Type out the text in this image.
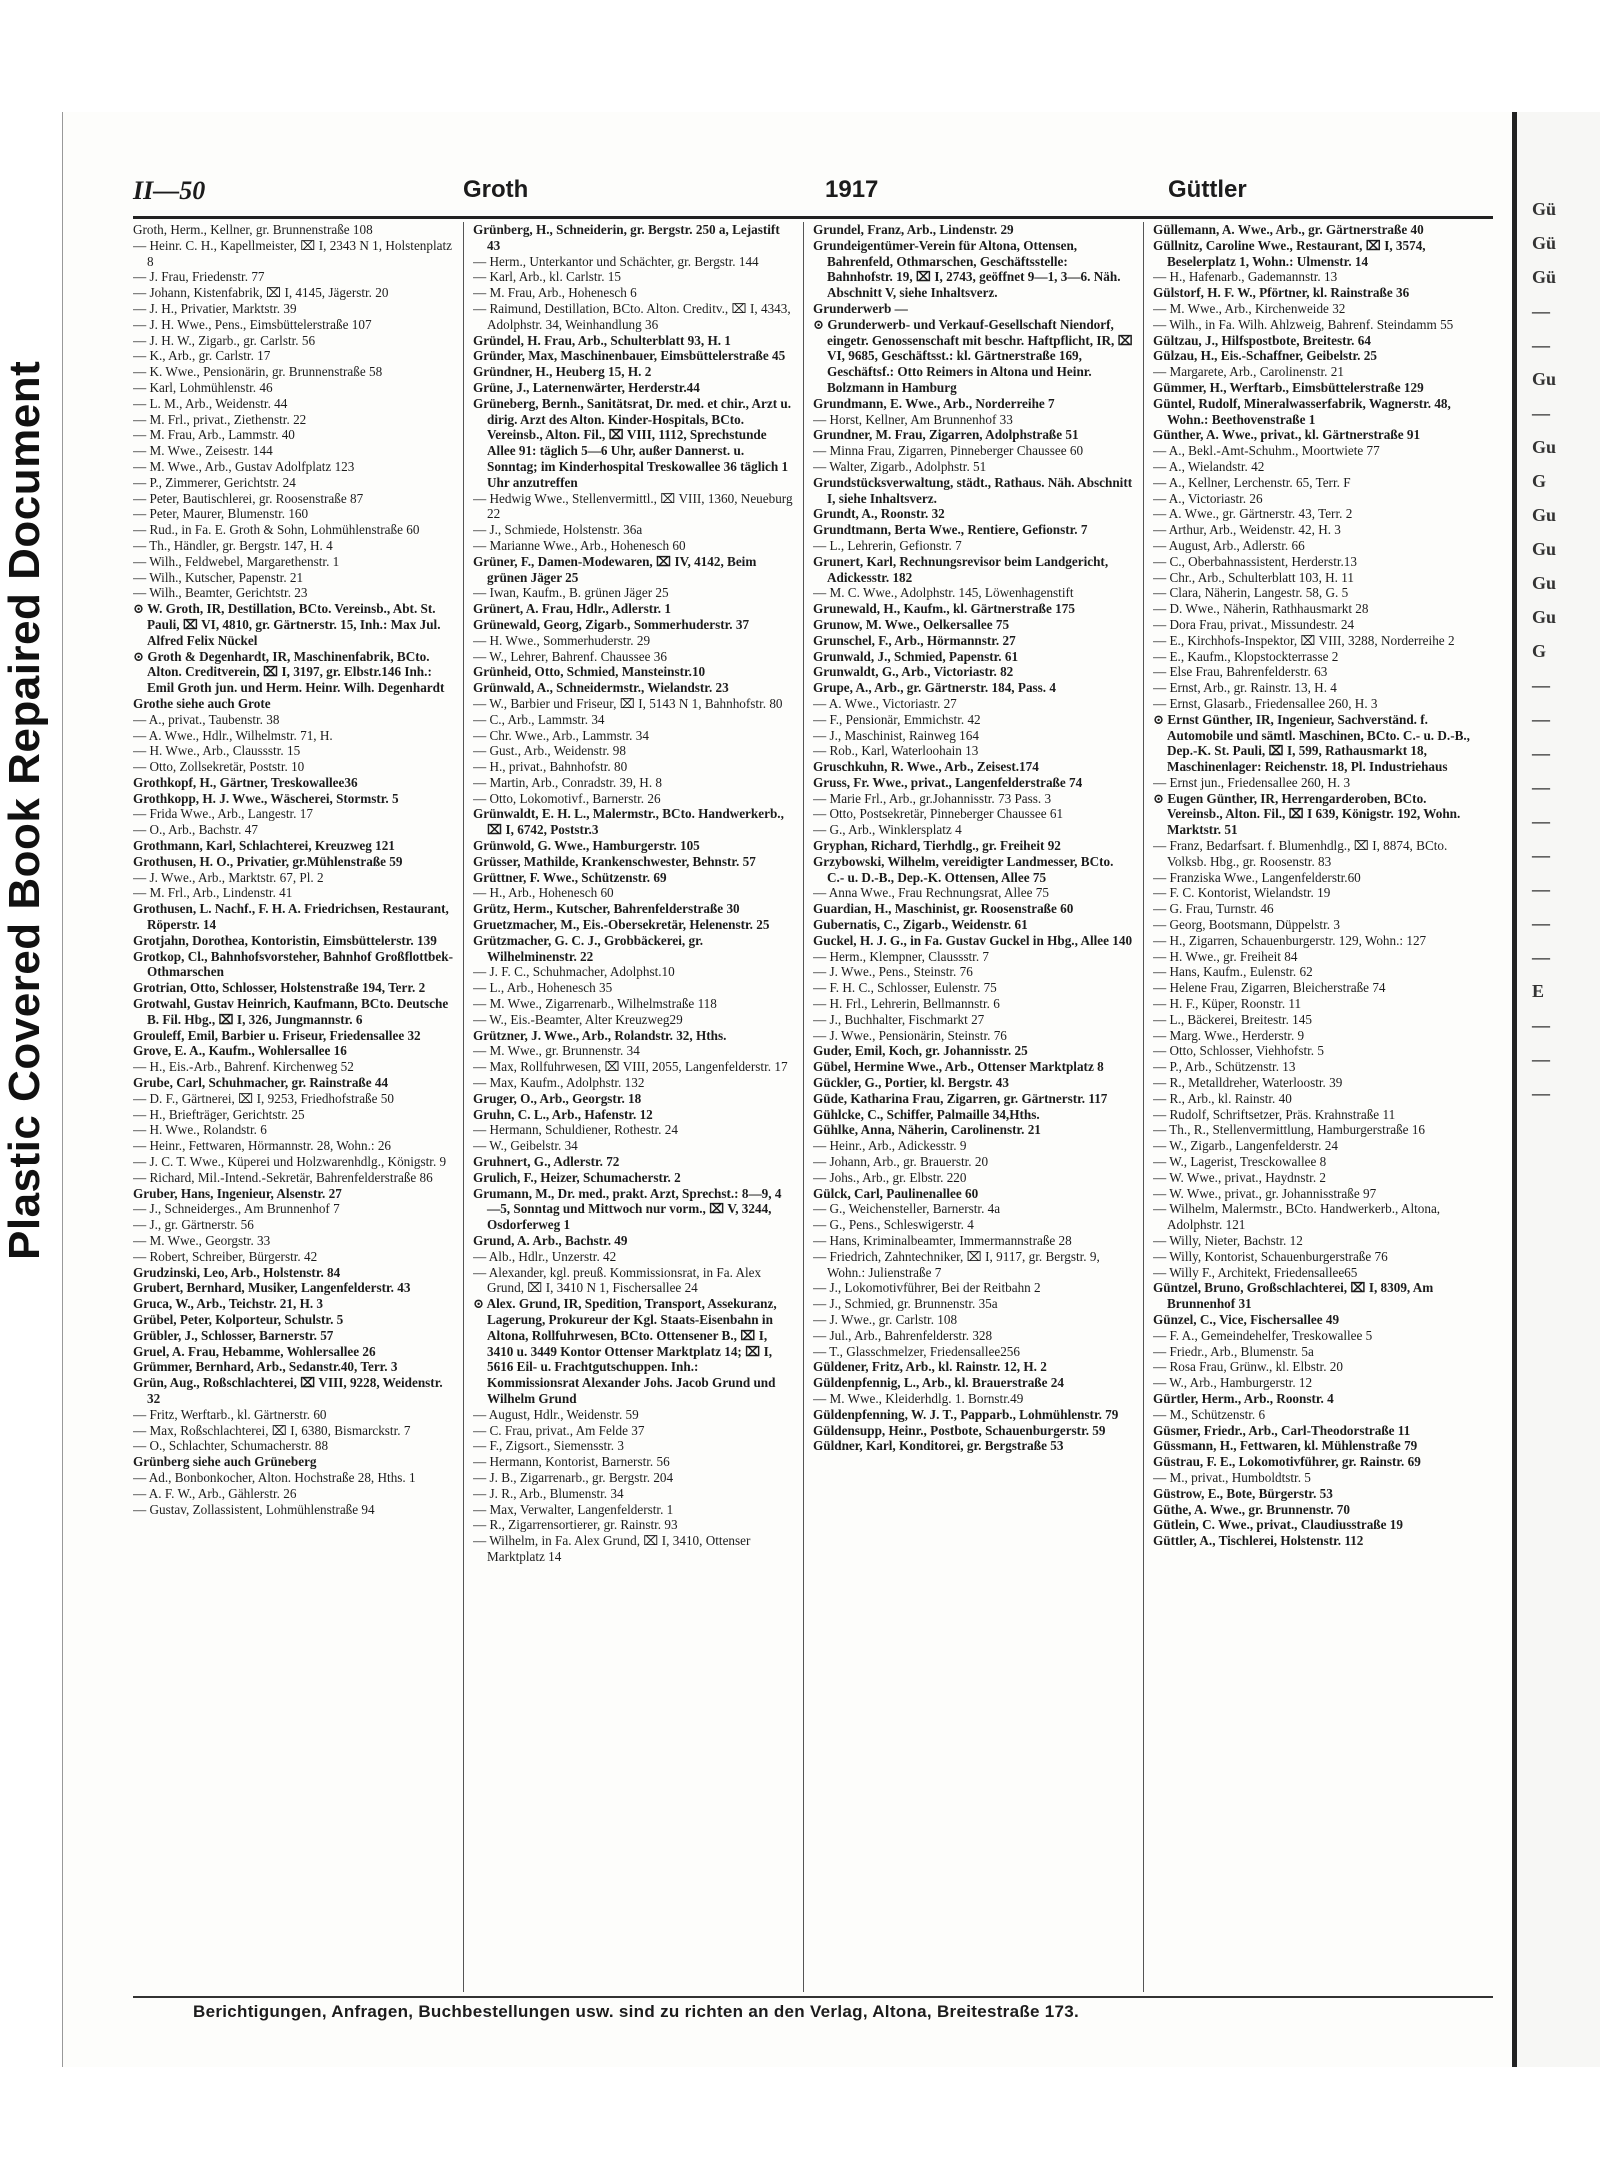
Plastic Covered Book Repaired Document
II—50	Groth	1917	Güttler

Groth, Herm., Kellner, gr. Brunnenstraße 108

— Heinr. C. H., Kapellmeister, ⌧ I, 2343 N 1, Holstenplatz 8

— J. Frau, Friedenstr. 77

— Johann, Kistenfabrik, ⌧ I, 4145, Jägerstr. 20

— J. H., Privatier, Marktstr. 39

— J. H. Wwe., Pens., Eimsbüttelerstraße 107

— J. H. W., Zigarb., gr. Carlstr. 56

— K., Arb., gr. Carlstr. 17

— K. Wwe., Pensionärin, gr. Brunnenstraße 58

— Karl, Lohmühlenstr. 46

— L. M., Arb., Weidenstr. 44

— M. Frl., privat., Ziethenstr. 22

— M. Frau, Arb., Lammstr. 40

— M. Wwe., Zeisestr. 144

— M. Wwe., Arb., Gustav Adolfplatz 123

— P., Zimmerer, Gerichtstr. 24

— Peter, Bautischlerei, gr. Roosenstraße 87

— Peter, Maurer, Blumenstr. 160

— Rud., in Fa. E. Groth & Sohn, Lohmühlenstraße 60

— Th., Händler, gr. Bergstr. 147, H. 4

— Wilh., Feldwebel, Margarethenstr. 1

— Wilh., Kutscher, Papenstr. 21

— Wilh., Beamter, Gerichtstr. 23

⊙ W. Groth, IR, Destillation, BCto. Vereinsb., Abt. St. Pauli, ⌧ VI, 4810, gr. Gärtnerstr. 15, Inh.: Max Jul. Alfred Felix Nückel

⊙ Groth & Degenhardt, IR, Maschinenfabrik, BCto. Alton. Creditverein, ⌧ I, 3197, gr. Elbstr.146 Inh.: Emil Groth jun. und Herm. Heinr. Wilh. Degenhardt

Grothe siehe auch Grote

— A., privat., Taubenstr. 38

— A. Wwe., Hdlr., Wilhelmstr. 71, H.

— H. Wwe., Arb., Claussstr. 15

— Otto, Zollsekretär, Poststr. 10

Grothkopf, H., Gärtner, Treskowallee36

Grothkopp, H. J. Wwe., Wäscherei, Stormstr. 5

— Frida Wwe., Arb., Langestr. 17

— O., Arb., Bachstr. 47

Grothmann, Karl, Schlachterei, Kreuzweg 121

Grothusen, H. O., Privatier, gr.Mühlenstraße 59

— J. Wwe., Arb., Marktstr. 67, Pl. 2

— M. Frl., Arb., Lindenstr. 41

Grothusen, L. Nachf., F. H. A. Friedrichsen, Restaurant, Röperstr. 14

Grotjahn, Dorothea, Kontoristin, Eimsbüttelerstr. 139

Grotkop, Cl., Bahnhofsvorsteher, Bahnhof Großflottbek-Othmarschen

Grotrian, Otto, Schlosser, Holstenstraße 194, Terr. 2

Grotwahl, Gustav Heinrich, Kaufmann, BCto. Deutsche B. Fil. Hbg., ⌧ I, 326, Jungmannstr. 6

Grouleff, Emil, Barbier u. Friseur, Friedensallee 32

Grove, E. A., Kaufm., Wohlersallee 16

— H., Eis.-Arb., Bahrenf. Kirchenweg 52

Grube, Carl, Schuhmacher, gr. Rainstraße 44

— D. F., Gärtnerei, ⌧ I, 9253, Friedhofstraße 50

— H., Briefträger, Gerichtstr. 25

— H. Wwe., Rolandstr. 6

— Heinr., Fettwaren, Hörmannstr. 28, Wohn.: 26

— J. C. T. Wwe., Küperei und Holzwarenhdlg., Königstr. 9

— Richard, Mil.-Intend.-Sekretär, Bahrenfelderstraße 86

Gruber, Hans, Ingenieur, Alsenstr. 27

— J., Schneiderges., Am Brunnenhof 7

— J., gr. Gärtnerstr. 56

— M. Wwe., Georgstr. 33

— Robert, Schreiber, Bürgerstr. 42

Grudzinski, Leo, Arb., Holstenstr. 84

Grubert, Bernhard, Musiker, Langenfelderstr. 43

Gruca, W., Arb., Teichstr. 21, H. 3

Grübel, Peter, Kolporteur, Schulstr. 5

Grübler, J., Schlosser, Barnerstr. 57

Gruel, A. Frau, Hebamme, Wohlersallee 26

Grümmer, Bernhard, Arb., Sedanstr.40, Terr. 3

Grün, Aug., Roßschlachterei, ⌧ VIII, 9228, Weidenstr. 32

— Fritz, Werftarb., kl. Gärtnerstr. 60

— Max, Roßschlachterei, ⌧ I, 6380, Bismarckstr. 7

— O., Schlachter, Schumacherstr. 88

Grünberg siehe auch Grüneberg

— Ad., Bonbonkocher, Alton. Hochstraße 28, Hths. 1

— A. F. W., Arb., Gählerstr. 26

— Gustav, Zollassistent, Lohmühlenstraße 94

Grünberg, H., Schneiderin, gr. Bergstr. 250 a, Lejastift 43

— Herm., Unterkantor und Schächter, gr. Bergstr. 144

— Karl, Arb., kl. Carlstr. 15

— M. Frau, Arb., Hohenesch 6

— Raimund, Destillation, BCto. Alton. Creditv., ⌧ I, 4343, Adolphstr. 34, Weinhandlung 36

Gründel, H. Frau, Arb., Schulterblatt 93, H. 1

Gründer, Max, Maschinenbauer, Eimsbüttelerstraße 45

Gründner, H., Heuberg 15, H. 2

Grüne, J., Laternenwärter, Herderstr.44

Grüneberg, Bernh., Sanitätsrat, Dr. med. et chir., Arzt u. dirig. Arzt des Alton. Kinder-Hospitals, BCto. Vereinsb., Alton. Fil., ⌧ VIII, 1112, Sprechstunde Allee 91: täglich 5—6 Uhr, außer Dannerst. u. Sonntag; im Kinderhospital Treskowallee 36 täglich 1 Uhr anzutreffen

— Hedwig Wwe., Stellenvermittl., ⌧ VIII, 1360, Neueburg 22

— J., Schmiede, Holstenstr. 36a

— Marianne Wwe., Arb., Hohenesch 60

Grüner, F., Damen-Modewaren, ⌧ IV, 4142, Beim grünen Jäger 25

— Iwan, Kaufm., B. grünen Jäger 25

Grünert, A. Frau, Hdlr., Adlerstr. 1

Grünewald, Georg, Zigarb., Sommerhuderstr. 37

— H. Wwe., Sommerhuderstr. 29

— W., Lehrer, Bahrenf. Chaussee 36

Grünheid, Otto, Schmied, Mansteinstr.10

Grünwald, A., Schneidermstr., Wielandstr. 23

— W., Barbier und Friseur, ⌧ I, 5143 N 1, Bahnhofstr. 80

— C., Arb., Lammstr. 34

— Chr. Wwe., Arb., Lammstr. 34

— Gust., Arb., Weidenstr. 98

— H., privat., Bahnhofstr. 80

— Martin, Arb., Conradstr. 39, H. 8

— Otto, Lokomotivf., Barnerstr. 26

Grünwaldt, E. H. L., Malermstr., BCto. Handwerkerb., ⌧ I, 6742, Poststr.3

Grünwold, G. Wwe., Hamburgerstr. 105

Grüsser, Mathilde, Krankenschwester, Behnstr. 57

Grüttner, F. Wwe., Schützenstr. 69

— H., Arb., Hohenesch 60

Grütz, Herm., Kutscher, Bahrenfelderstraße 30

Gruetzmacher, M., Eis.-Obersekretär, Helenenstr. 25

Grützmacher, G. C. J., Grobbäckerei, gr. Wilhelminenstr. 22

— J. F. C., Schuhmacher, Adolphst.10

— L., Arb., Hohenesch 35

— M. Wwe., Zigarrenarb., Wilhelmstraße 118

— W., Eis.-Beamter, Alter Kreuzweg29

Grützner, J. Wwe., Arb., Rolandstr. 32, Hths.

— M. Wwe., gr. Brunnenstr. 34

— Max, Rollfuhrwesen, ⌧ VIII, 2055, Langenfelderstr. 17

— Max, Kaufm., Adolphstr. 132

Gruger, O., Arb., Georgstr. 18

Gruhn, C. L., Arb., Hafenstr. 12

— Hermann, Schuldiener, Rothestr. 24

— W., Geibelstr. 34

Gruhnert, G., Adlerstr. 72

Grulich, F., Heizer, Schumacherstr. 2

Grumann, M., Dr. med., prakt. Arzt, Sprechst.: 8—9, 4—5, Sonntag und Mittwoch nur vorm., ⌧ V, 3244, Osdorferweg 1

Grund, A. Arb., Bachstr. 49

— Alb., Hdlr., Unzerstr. 42

— Alexander, kgl. preuß. Kommissionsrat, in Fa. Alex Grund, ⌧ I, 3410 N 1, Fischersallee 24

⊙ Alex. Grund, IR, Spedition, Transport, Assekuranz, Lagerung, Prokureur der Kgl. Staats-Eisenbahn in Altona, Rollfuhrwesen, BCto. Ottensener B., ⌧ I, 3410 u. 3449 Kontor Ottenser Marktplatz 14; ⌧ I, 5616 Eil- u. Frachtgutschuppen. Inh.: Kommissionsrat Alexander Johs. Jacob Grund und Wilhelm Grund

— August, Hdlr., Weidenstr. 59

— C. Frau, privat., Am Felde 37

— F., Zigsort., Siemensstr. 3

— Hermann, Kontorist, Barnerstr. 56

— J. B., Zigarrenarb., gr. Bergstr. 204

— J. R., Arb., Blumenstr. 34

— Max, Verwalter, Langenfelderstr. 1

— R., Zigarrensortierer, gr. Rainstr. 93

— Wilhelm, in Fa. Alex Grund, ⌧ I, 3410, Ottenser Marktplatz 14

Grundel, Franz, Arb., Lindenstr. 29

Grundeigentümer-Verein für Altona, Ottensen, Bahrenfeld, Othmarschen, Geschäftsstelle: Bahnhofstr. 19, ⌧ I, 2743, geöffnet 9—1, 3—6. Näh. Abschnitt V, siehe Inhaltsverz.

Grunderwerb —

⊙ Grunderwerb- und Verkauf-Gesellschaft Niendorf, eingetr. Genossenschaft mit beschr. Haftpflicht, IR, ⌧ VI, 9685, Geschäftsst.: kl. Gärtnerstraße 169, Geschäftsf.: Otto Reimers in Altona und Heinr. Bolzmann in Hamburg

Grundmann, E. Wwe., Arb., Norderreihe 7

— Horst, Kellner, Am Brunnenhof 33

Grundner, M. Frau, Zigarren, Adolphstraße 51

— Minna Frau, Zigarren, Pinneberger Chaussee 60

— Walter, Zigarb., Adolphstr. 51

Grundstücksverwaltung, städt., Rathaus. Näh. Abschnitt I, siehe Inhaltsverz.

Grundt, A., Roonstr. 32

Grundtmann, Berta Wwe., Rentiere, Gefionstr. 7

— L., Lehrerin, Gefionstr. 7

Grunert, Karl, Rechnungsrevisor beim Landgericht, Adickesstr. 182

— M. C. Wwe., Adolphstr. 145, Löwenhagenstift

Grunewald, H., Kaufm., kl. Gärtnerstraße 175

Grunow, M. Wwe., Oelkersallee 75

Grunschel, F., Arb., Hörmannstr. 27

Grunwald, J., Schmied, Papenstr. 61

Grunwaldt, G., Arb., Victoriastr. 82

Grupe, A., Arb., gr. Gärtnerstr. 184, Pass. 4

— A. Wwe., Victoriastr. 27

— F., Pensionär, Emmichstr. 42

— J., Maschinist, Rainweg 164

— Rob., Karl, Waterloohain 13

Gruschkuhn, R. Wwe., Arb., Zeisest.174

Gruss, Fr. Wwe., privat., Langenfelderstraße 74

— Marie Frl., Arb., gr.Johannisstr. 73 Pass. 3

— Otto, Postsekretär, Pinneberger Chaussee 61

— G., Arb., Winklersplatz 4

Gryphan, Richard, Tierhdlg., gr. Freiheit 92

Grzybowski, Wilhelm, vereidigter Landmesser, BCto. C.- u. D.-B., Dep.-K. Ottensen, Allee 75

— Anna Wwe., Frau Rechnungsrat, Allee 75

Guardian, H., Maschinist, gr. Roosenstraße 60

Gubernatis, C., Zigarb., Weidenstr. 61

Guckel, H. J. G., in Fa. Gustav Guckel in Hbg., Allee 140

— Herm., Klempner, Claussstr. 7

— J. Wwe., Pens., Steinstr. 76

— F. H. C., Schlosser, Eulenstr. 75

— H. Frl., Lehrerin, Bellmannstr. 6

— J., Buchhalter, Fischmarkt 27

— J. Wwe., Pensionärin, Steinstr. 76

Guder, Emil, Koch, gr. Johannisstr. 25

Gübel, Hermine Wwe., Arb., Ottenser Marktplatz 8

Gückler, G., Portier, kl. Bergstr. 43

Güde, Katharina Frau, Zigarren, gr. Gärtnerstr. 117

Gühlcke, C., Schiffer, Palmaille 34,Hths.

Gühlke, Anna, Näherin, Carolinenstr. 21

— Heinr., Arb., Adickesstr. 9

— Johann, Arb., gr. Brauerstr. 20

— Johs., Arb., gr. Elbstr. 220

Gülck, Carl, Paulinenallee 60

— G., Weichensteller, Barnerstr. 4a

— G., Pens., Schleswigerstr. 4

— Hans, Kriminalbeamter, Immermannstraße 28

— Friedrich, Zahntechniker, ⌧ I, 9117, gr. Bergstr. 9, Wohn.: Julienstraße 7

— J., Lokomotivführer, Bei der Reitbahn 2

— J., Schmied, gr. Brunnenstr. 35a

— J. Wwe., gr. Carlstr. 108

— Jul., Arb., Bahrenfelderstr. 328

— T., Glasschmelzer, Friedensallee256

Güldener, Fritz, Arb., kl. Rainstr. 12, H. 2

Güldenpfennig, L., Arb., kl. Brauerstraße 24

— M. Wwe., Kleiderhdlg. 1. Bornstr.49

Güldenpfenning, W. J. T., Papparb., Lohmühlenstr. 79

Güldensupp, Heinr., Postbote, Schauenburgerstr. 59

Güldner, Karl, Konditorei, gr. Bergstraße 53

Güllemann, A. Wwe., Arb., gr. Gärtnerstraße 40

Güllnitz, Caroline Wwe., Restaurant, ⌧ I, 3574, Beselerplatz 1, Wohn.: Ulmenstr. 14

— H., Hafenarb., Gademannstr. 13

Gülstorf, H. F. W., Pförtner, kl. Rainstraße 36

— M. Wwe., Arb., Kirchenweide 32

— Wilh., in Fa. Wilh. Ahlzweig, Bahrenf. Steindamm 55

Gültzau, J., Hilfspostbote, Breitestr. 64

Gülzau, H., Eis.-Schaffner, Geibelstr. 25

— Margarete, Arb., Carolinenstr. 21

Gümmer, H., Werftarb., Eimsbüttelerstraße 129

Güntel, Rudolf, Mineralwasserfabrik, Wagnerstr. 48, Wohn.: Beethovenstraße 1

Günther, A. Wwe., privat., kl. Gärtnerstraße 91

— A., Bekl.-Amt-Schuhm., Moortwiete 77

— A., Wielandstr. 42

— A., Kellner, Lerchenstr. 65, Terr. F

— A., Victoriastr. 26

— A. Wwe., gr. Gärtnerstr. 43, Terr. 2

— Arthur, Arb., Weidenstr. 42, H. 3

— August, Arb., Adlerstr. 66

— C., Oberbahnassistent, Herderstr.13

— Chr., Arb., Schulterblatt 103, H. 11

— Clara, Näherin, Langestr. 58, G. 5

— D. Wwe., Näherin, Rathhausmarkt 28

— Dora Frau, privat., Missundestr. 24

— E., Kirchhofs-Inspektor, ⌧ VIII, 3288, Norderreihe 2

— E., Kaufm., Klopstockterrasse 2

— Else Frau, Bahrenfelderstr. 63

— Ernst, Arb., gr. Rainstr. 13, H. 4

— Ernst, Glasarb., Friedensallee 260, H. 3

⊙ Ernst Günther, IR, Ingenieur, Sachverständ. f. Automobile und sämtl. Maschinen, BCto. C.- u. D.-B., Dep.-K. St. Pauli, ⌧ I, 599, Rathausmarkt 18, Maschinenlager: Reichenstr. 18, Pl. Industriehaus

— Ernst jun., Friedensallee 260, H. 3

⊙ Eugen Günther, IR, Herrengarderoben, BCto. Vereinsb., Alton. Fil., ⌧ I 639, Königstr. 192, Wohn. Marktstr. 51

— Franz, Bedarfsart. f. Blumenhdlg., ⌧ I, 8874, BCto. Volksb. Hbg., gr. Roosenstr. 83

— Franziska Wwe., Langenfelderstr.60

— F. C. Kontorist, Wielandstr. 19

— G. Frau, Turnstr. 46

— Georg, Bootsmann, Düppelstr. 3

— H., Zigarren, Schauenburgerstr. 129, Wohn.: 127

— H. Wwe., gr. Freiheit 84

— Hans, Kaufm., Eulenstr. 62

— Helene Frau, Zigarren, Bleicherstraße 74

— H. F., Küper, Roonstr. 11

— L., Bäckerei, Breitestr. 145

— Marg. Wwe., Herderstr. 9

— Otto, Schlosser, Viehhofstr. 5

— P., Arb., Schützenstr. 13

— R., Metalldreher, Waterloostr. 39

— R., Arb., kl. Rainstr. 40

— Rudolf, Schriftsetzer, Präs. Krahnstraße 11

— Th., R., Stellenvermittlung, Hamburgerstraße 16

— W., Zigarb., Langenfelderstr. 24

— W., Lagerist, Tresckowallee 8

— W. Wwe., privat., Haydnstr. 2

— W. Wwe., privat., gr. Johannisstraße 97

— Wilhelm, Malermstr., BCto. Handwerkerb., Altona, Adolphstr. 121

— Willy, Nieter, Bachstr. 12

— Willy, Kontorist, Schauenburgerstraße 76

— Willy F., Architekt, Friedensallee65

Güntzel, Bruno, Großschlachterei, ⌧ I, 8309, Am Brunnenhof 31

Günzel, C., Vice, Fischersallee 49

— F. A., Gemeindehelfer, Treskowallee 5

— Friedr., Arb., Blumenstr. 5a

— Rosa Frau, Grünw., kl. Elbstr. 20

— W., Arb., Hamburgerstr. 12

Gürtler, Herm., Arb., Roonstr. 4

— M., Schützenstr. 6

Güsmer, Friedr., Arb., Carl-Theodorstraße 11

Güssmann, H., Fettwaren, kl. Mühlenstraße 79

Güstrau, F. E., Lokomotivführer, gr. Rainstr. 69

— M., privat., Humboldtstr. 5

Güstrow, E., Bote, Bürgerstr. 53

Güthe, A. Wwe., gr. Brunnenstr. 70

Gütlein, C. Wwe., privat., Claudiusstraße 19

Güttler, A., Tischlerei, Holstenstr. 112

Berichtigungen, Anfragen, Buchbestellungen usw. sind zu richten an den Verlag, Altona, Breitestraße 173.
Gü
Gü
Gü
—
—
Gu
—
Gu
G
Gu
Gu
Gu
Gu
G
—
—
—
—
—
—
—
—
—
E
—
—
—
